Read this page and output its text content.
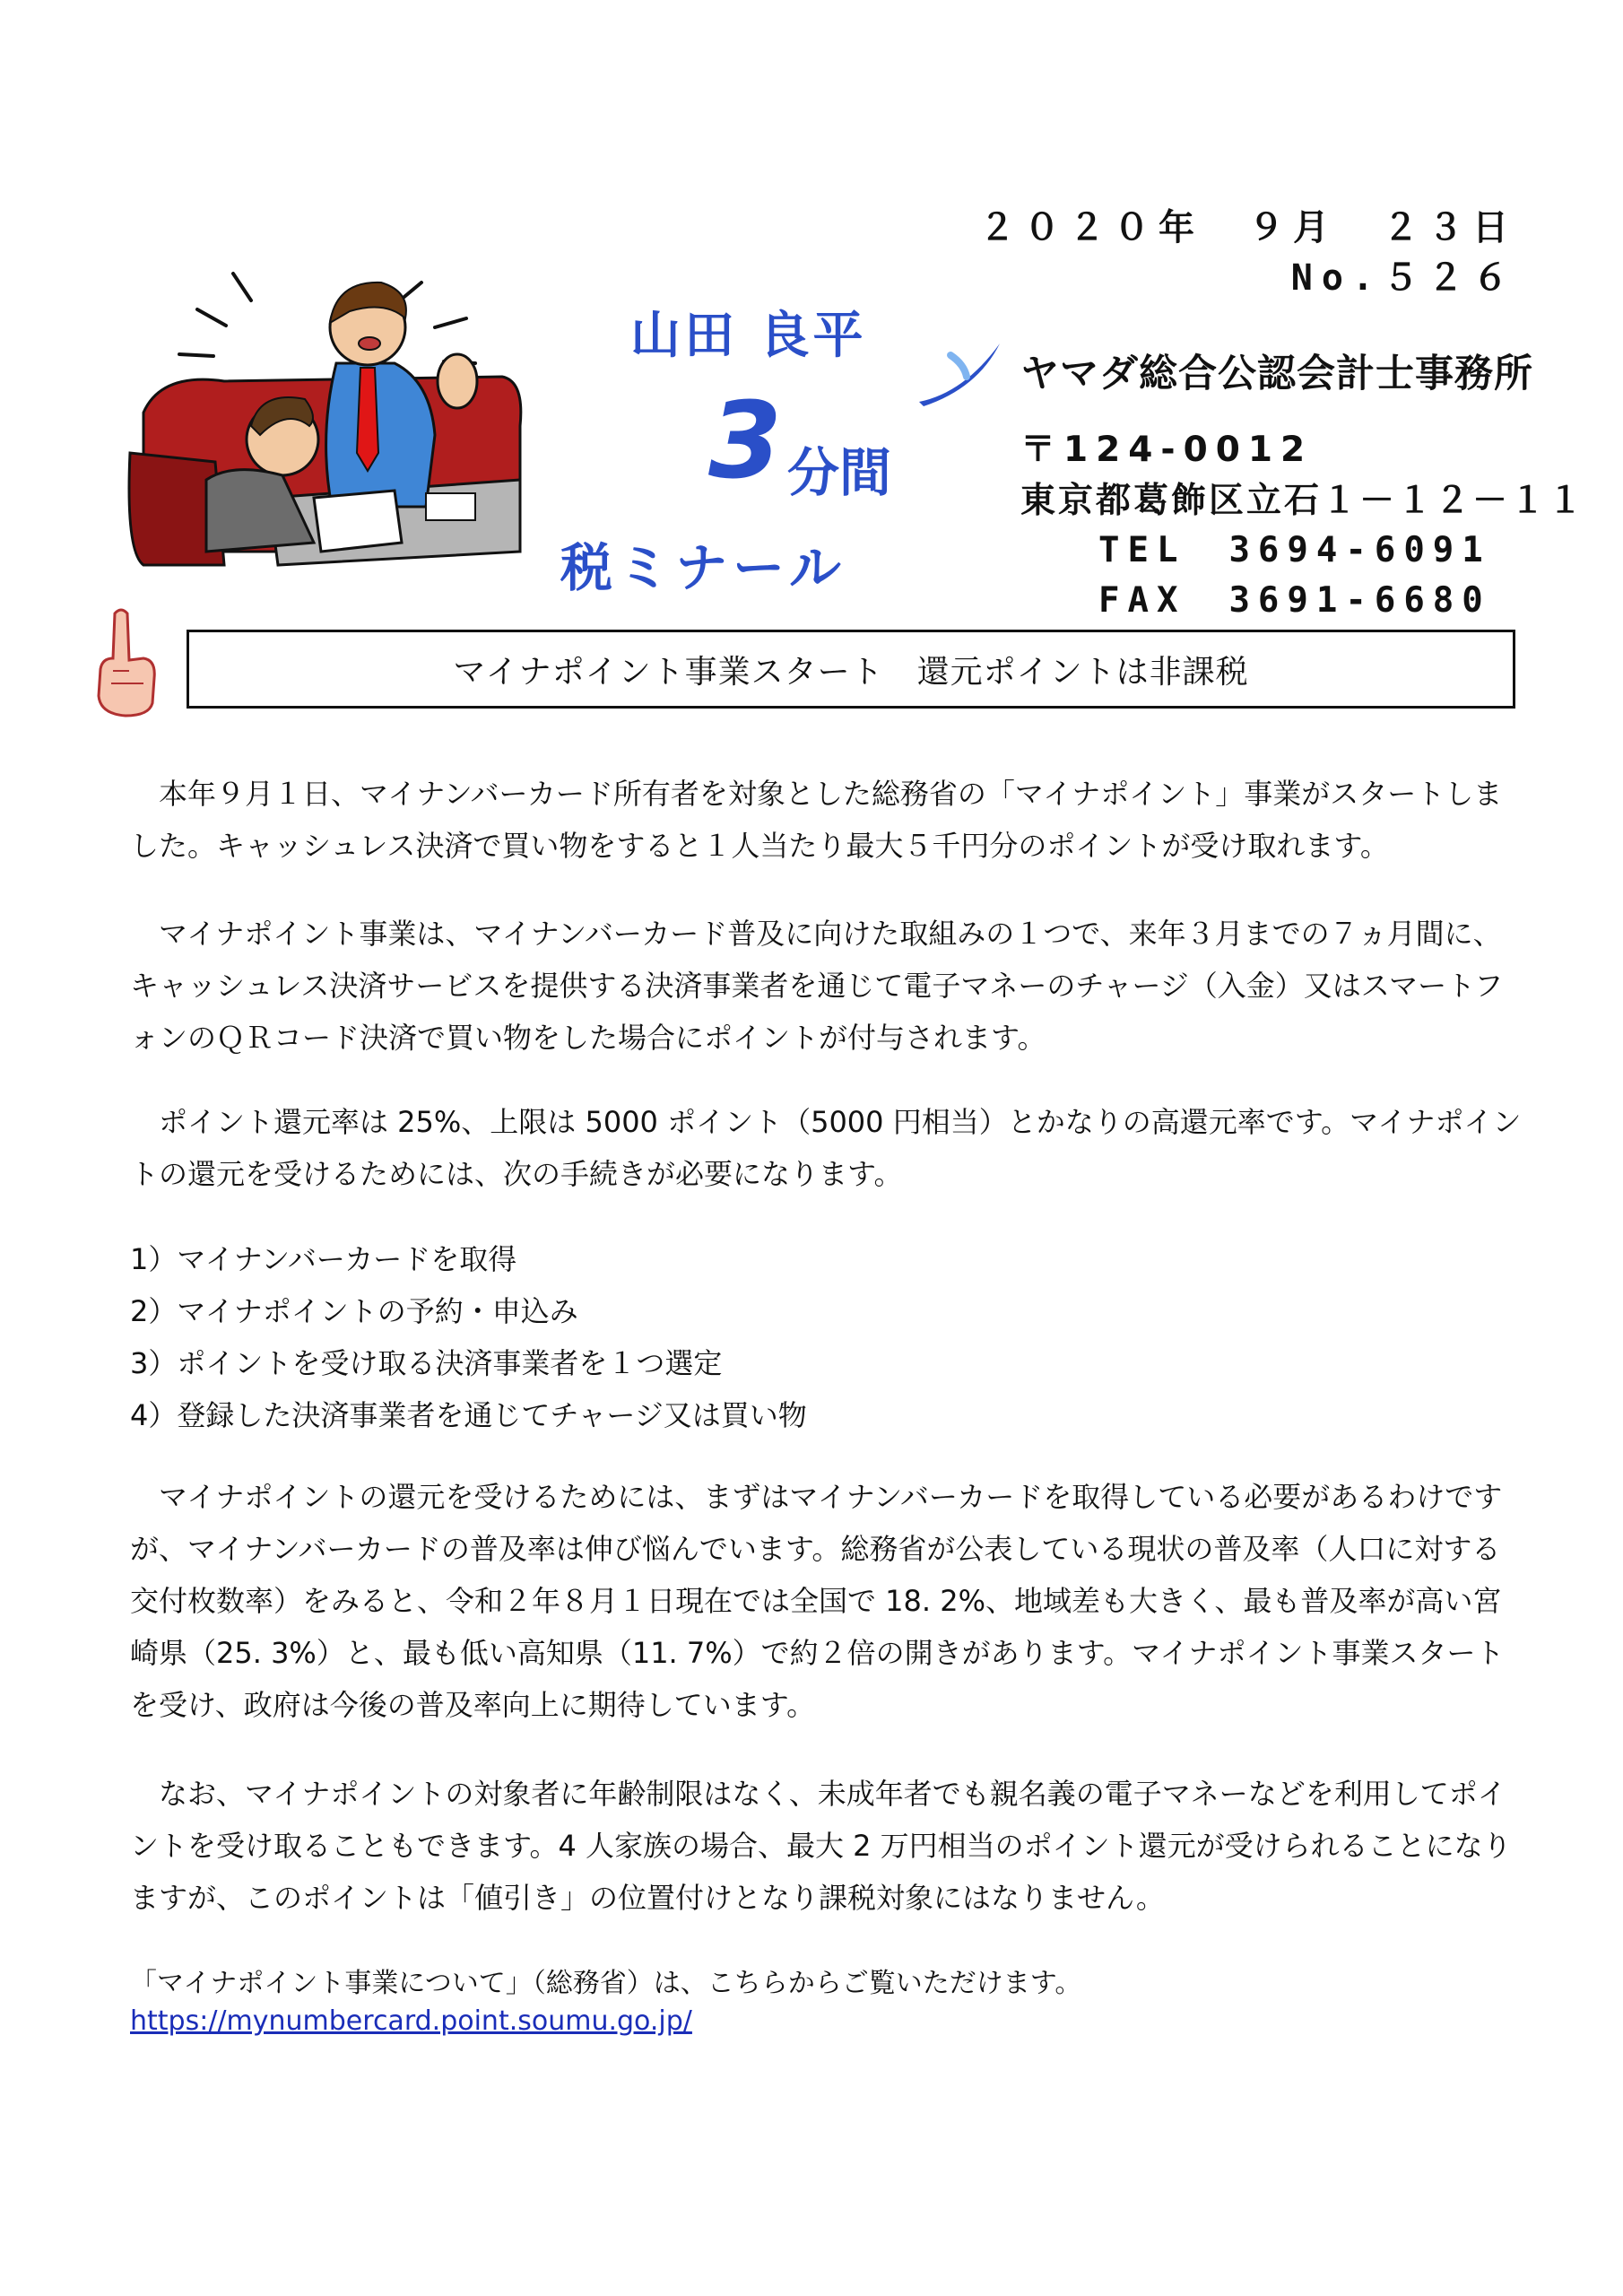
山田 良平
3 分間
税ミナール
２０２０年　９月　２３日
No.５２６
ヤマダ総合公認会計士事務所
〒124-0012
東京都葛飾区立石１－１２－１１
TEL　3694-6091
FAX　3691-6680
マイナポイント事業スタート　還元ポイントは非課税
本年９月１日、マイナンバーカード所有者を対象とした総務省の「マイナポイント」事業がスタートしました。キャッシュレス決済で買い物をすると１人当たり最大５千円分のポイントが受け取れます。
マイナポイント事業は、マイナンバーカード普及に向けた取組みの１つで、来年３月までの７ヵ月間に、キャッシュレス決済サービスを提供する決済事業者を通じて電子マネーのチャージ（入金）又はスマートフォンのＱＲコード決済で買い物をした場合にポイントが付与されます。
ポイント還元率は 25%、上限は 5000 ポイント（5000 円相当）とかなりの高還元率です。マイナポイントの還元を受けるためには、次の手続きが必要になります。
1）マイナンバーカードを取得
2）マイナポイントの予約・申込み
3）ポイントを受け取る決済事業者を１つ選定
4）登録した決済事業者を通じてチャージ又は買い物
マイナポイントの還元を受けるためには、まずはマイナンバーカードを取得している必要があるわけですが、マイナンバーカードの普及率は伸び悩んでいます。総務省が公表している現状の普及率（人口に対する交付枚数率）をみると、令和２年８月１日現在では全国で 18. 2%、地域差も大きく、最も普及率が高い宮崎県（25. 3%）と、最も低い高知県（11. 7%）で約２倍の開きがあります。マイナポイント事業スタートを受け、政府は今後の普及率向上に期待しています。
なお、マイナポイントの対象者に年齢制限はなく、未成年者でも親名義の電子マネーなどを利用してポイントを受け取ることもできます。4 人家族の場合、最大 2 万円相当のポイント還元が受けられることになりますが、このポイントは「値引き」の位置付けとなり課税対象にはなりません。
「マイナポイント事業について」（総務省）は、こちらからご覧いただけます。
https://mynumbercard.point.soumu.go.jp/
